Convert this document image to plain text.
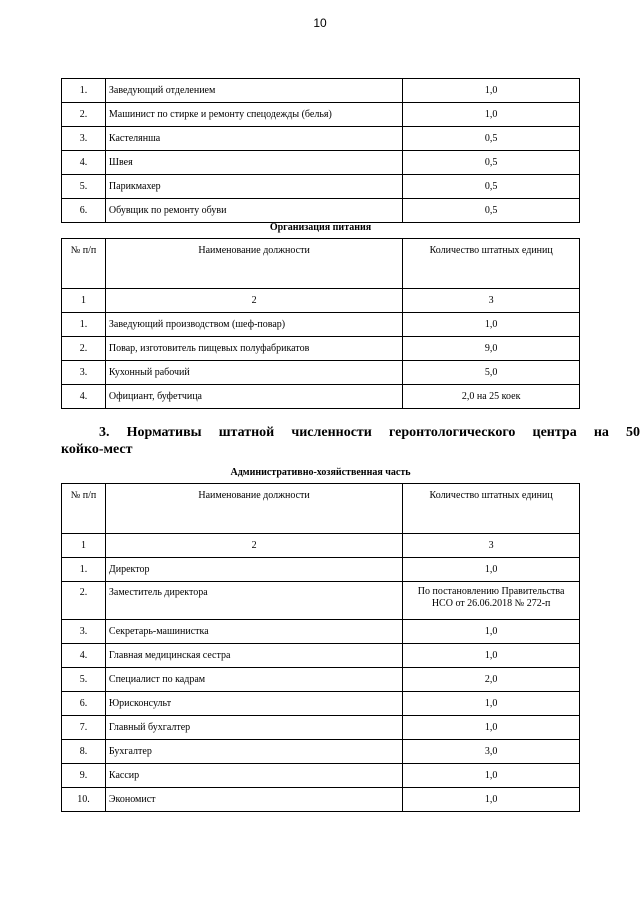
10
1.	Заведующий отделением	1,0
2.	Машинист по стирке и ремонту спецодежды (белья)	1,0
3.	Кастелянша	0,5
4.	Швея	0,5
5.	Парикмахер	0,5
6.	Обувщик по ремонту обуви	0,5
Организация питания
№ п/п	Наименование должности	Количество штатных единиц
1	2	3
1.	Заведующий производством (шеф-повар)	1,0
2.	Повар, изготовитель пищевых полуфабрикатов	9,0
3.	Кухонный рабочий	5,0
4.	Официант, буфетчица	2,0 на 25 коек
3. Нормативы штатной численности геронтологического центра на 50
койко-мест
Административно-хозяйственная часть
№ п/п	Наименование должности	Количество штатных единиц
1	2	3
1.	Директор	1,0
2.	Заместитель директора	По постановлению Правительства НСО от 26.06.2018 № 272-п
3.	Секретарь-машинистка	1,0
4.	Главная медицинская сестра	1,0
5.	Специалист по кадрам	2,0
6.	Юрисконсульт	1,0
7.	Главный бухгалтер	1,0
8.	Бухгалтер	3,0
9.	Кассир	1,0
10.	Экономист	1,0
